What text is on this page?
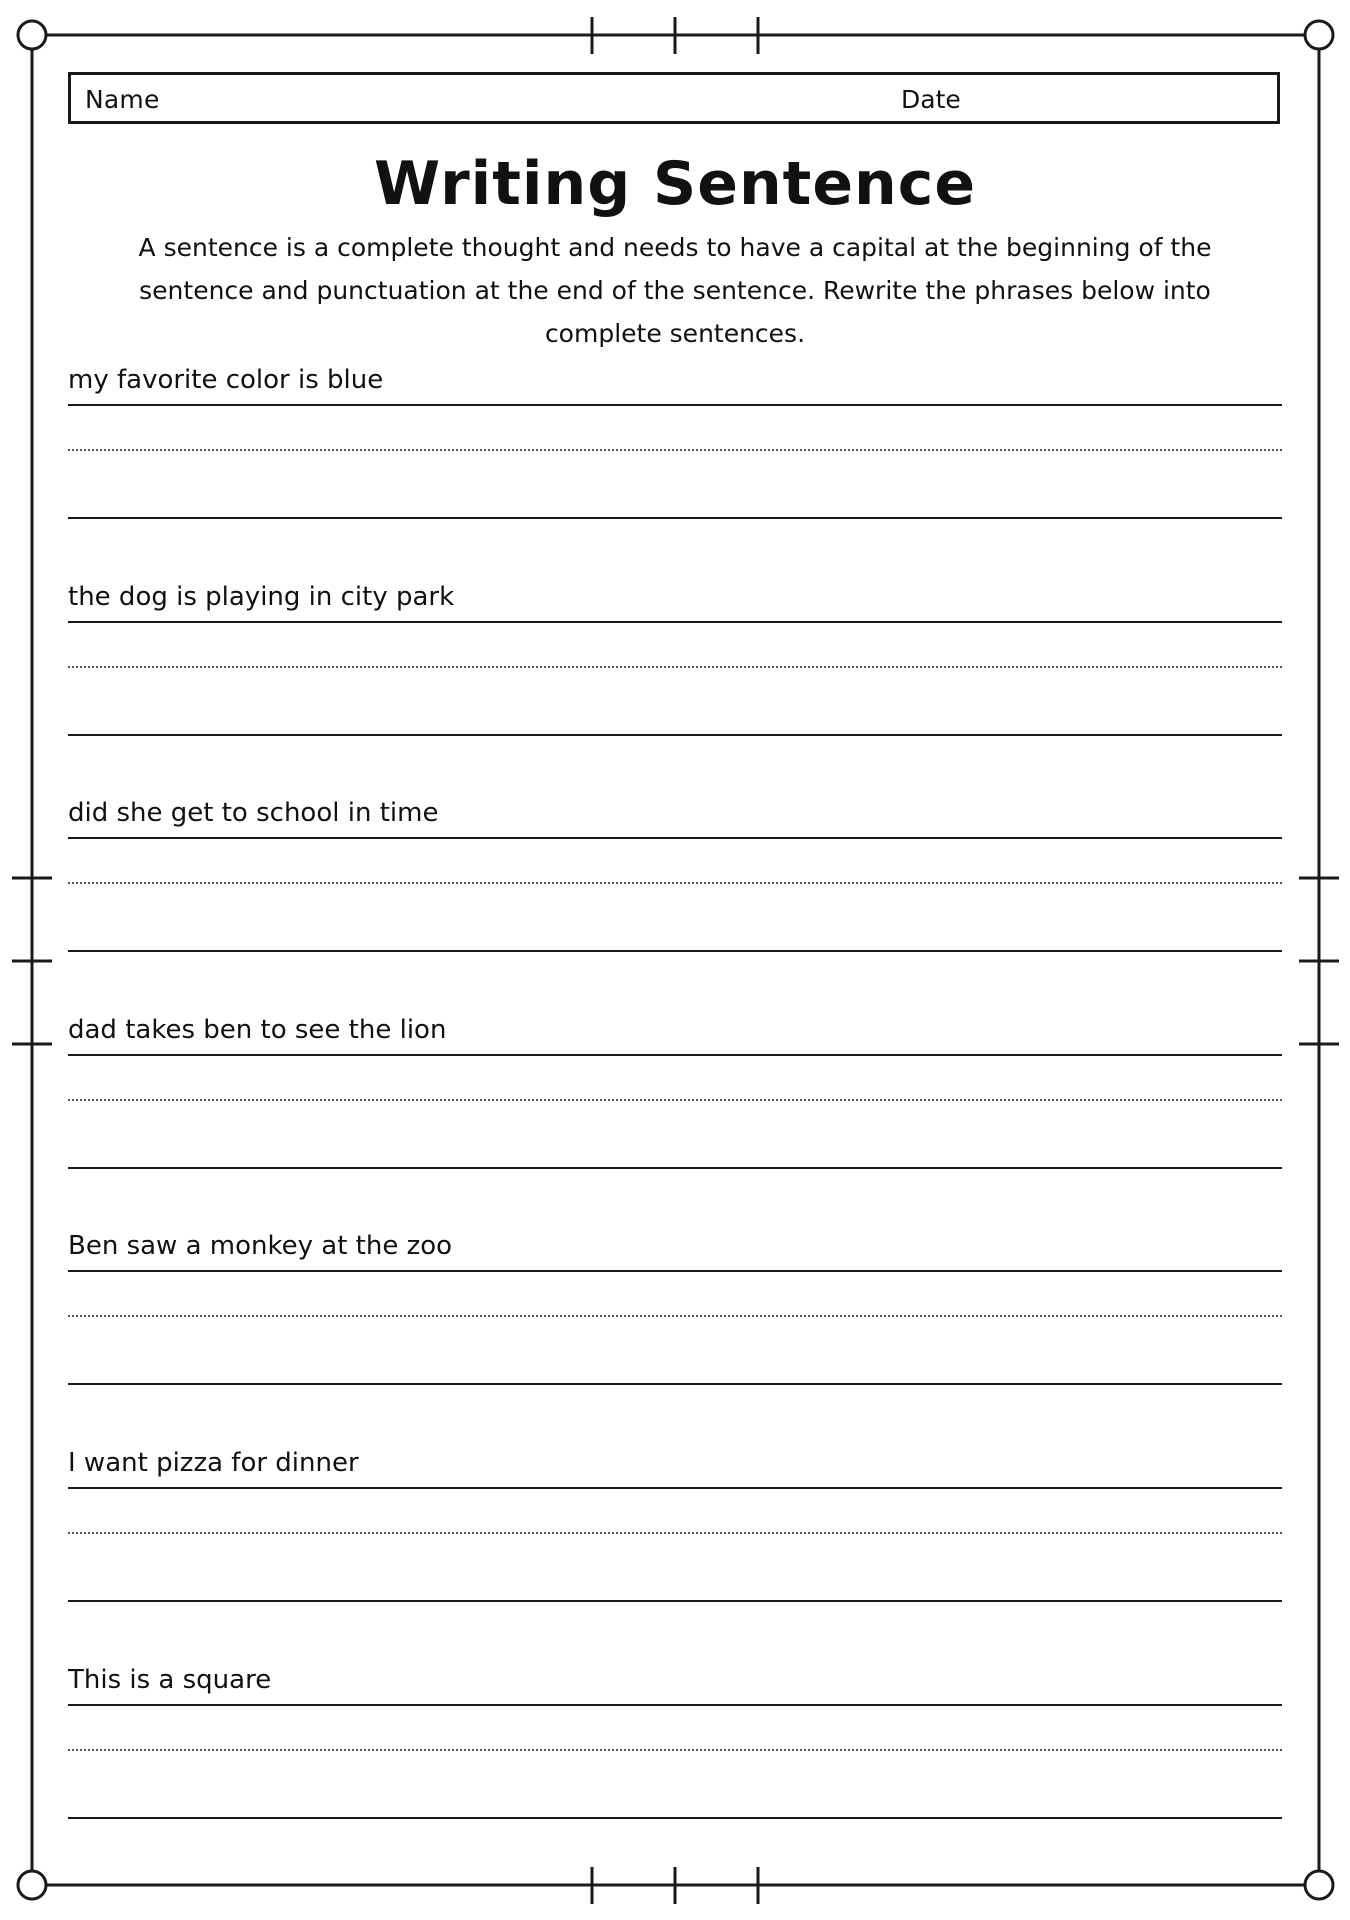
Name	Date
Writing Sentence
A sentence is a complete thought and needs to have a capital at the beginning of the sentence and punctuation at the end of the sentence. Rewrite the phrases below into complete sentences.
my favorite color is blue
the dog is playing in city park
did she get to school in time
dad takes ben to see the lion
Ben saw a monkey at the zoo
I want pizza for dinner
This is a square
